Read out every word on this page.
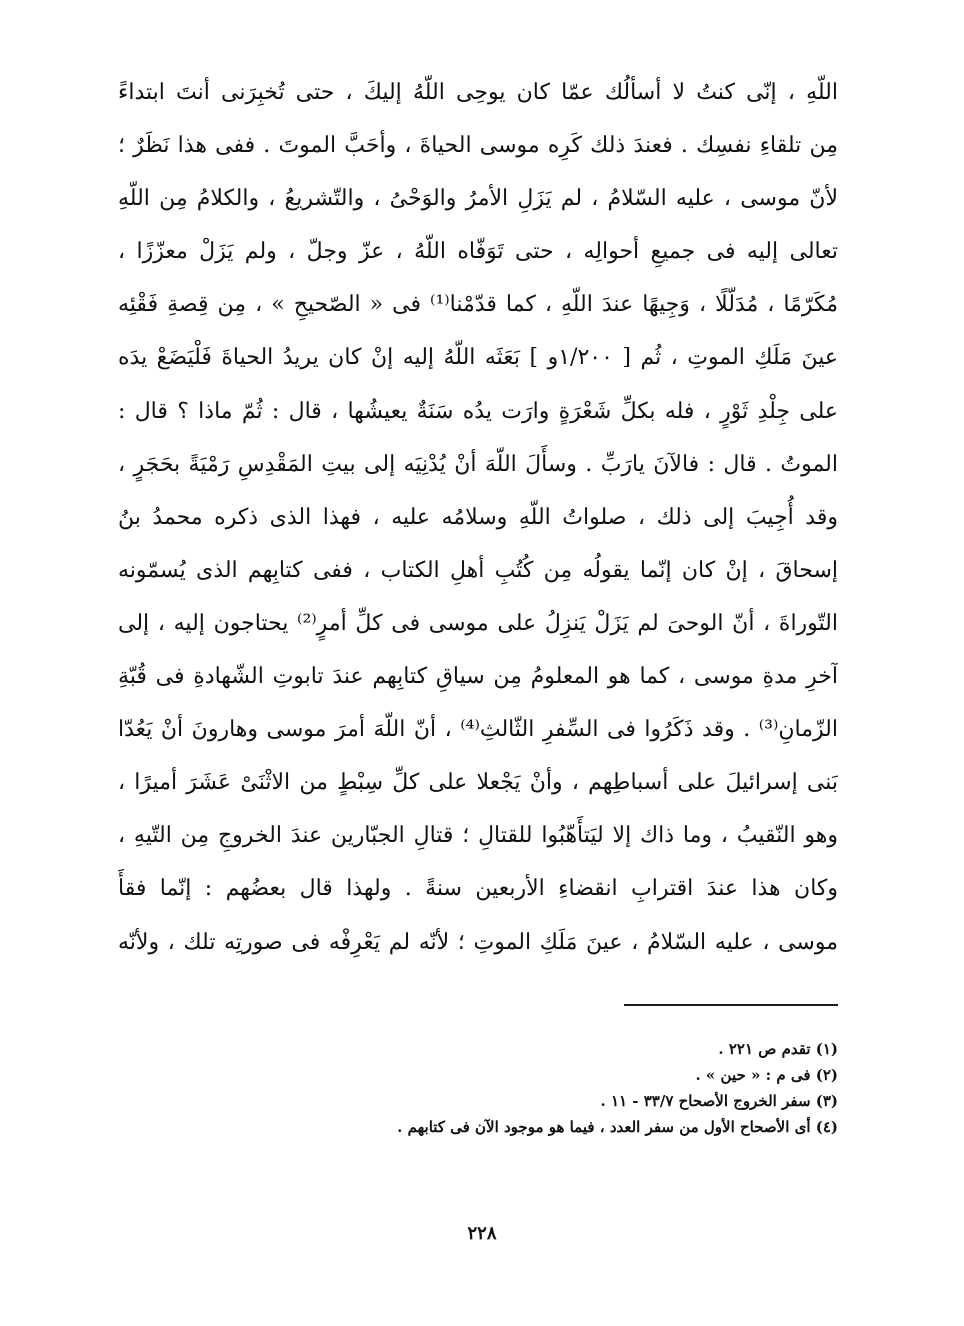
اللّهِ ، إنّى كنتُ لا أسألُك عمّا كان يوحِى اللّهُ إليكَ ، حتى تُخبِرَنى أنتَ ابتداءً
مِن تلقاءِ نفسِك . فعندَ ذلك كَرِه موسى الحياةَ ، وأحَبَّ الموتَ . ففى هذا نَظَرٌ ؛
لأنّ موسى ، عليه السّلامُ ، لم يَزَلِ الأمرُ والوَحْىُ ، والتّشريعُ ، والكلامُ مِن اللّهِ
تعالى إليه فى جميعِ أحوالِه ، حتى تَوَفّاه اللّهُ ، عزّ وجلّ ، ولم يَزَلْ معزّزًا ،
مُكَرّمًا ، مُدَلّلًا ، وَجِيهًا عندَ اللّهِ ، كما قدّمْنا⁽¹⁾ فى « الصّحيحِ » ، مِن قِصةِ فَقْئِه
عينَ مَلَكِ الموتِ ، ثُم [ ١/٢٠٠و ] بَعَثَه اللّهُ إليه إنْ كان يريدُ الحياةَ فَلْيَضَعْ يدَه
على جِلْدِ ثَوْرٍ ، فله بكلِّ شَعْرَةٍ وارَت يدُه سَنَةٌ يعيشُها ، قال : ثُمّ ماذا ؟ قال :
الموتُ . قال : فالآنَ يارَبِّ . وسأَلَ اللّهَ أنْ يُدْنِيَه إلى بيتِ المَقْدِسِ رَمْيَةً بحَجَرٍ ،
وقد أُجِيبَ إلى ذلك ، صلواتُ اللّهِ وسلامُه عليه ، فهذا الذى ذكره محمدُ بنُ
إسحاقَ ، إنْ كان إنّما يقولُه مِن كُتُبِ أهلِ الكتاب ، ففى كتابِهم الذى يُسمّونه
التّوراةَ ، أنّ الوحىَ لم يَزَلْ يَنزِلُ على موسى فى كلِّ أمرٍ⁽²⁾ يحتاجون إليه ، إلى
آخرِ مدةِ موسى ، كما هو المعلومُ مِن سياقِ كتابِهم عندَ تابوتِ الشّهادةِ فى قُبّةِ
الزّمانِ⁽³⁾ . وقد ذَكَرُوا فى السِّفرِ الثّالثِ⁽⁴⁾ ، أنّ اللّهَ أمرَ موسى وهارونَ أنْ يَعُدّا
بَنى إسرائيلَ على أسباطِهم ، وأنْ يَجْعلا على كلِّ سِبْطٍ من الاثْنَىْ عَشَرَ أميرًا ،
وهو النّقيبُ ، وما ذاك إلا ليَتأَهّبُوا للقتالِ ؛ قتالِ الجبّارين عندَ الخروجِ مِن التّيهِ ،
وكان هذا عندَ اقترابِ انقضاءِ الأربعين سنةً . ولهذا قال بعضُهم : إنّما فقأَ
موسى ، عليه السّلامُ ، عينَ مَلَكِ الموتِ ؛ لأنّه لم يَعْرِفْه فى صورتِه تلك ، ولأنّه
(١) تقدم ص ٢٢١ .
(٢) فى م : « حين » .
(٣) سفر الخروج الأصحاح ٣٣/٧ - ١١ .
(٤) أى الأصحاح الأول من سفر العدد ، فيما هو موجود الآن فى كتابهم .
٢٢٨
